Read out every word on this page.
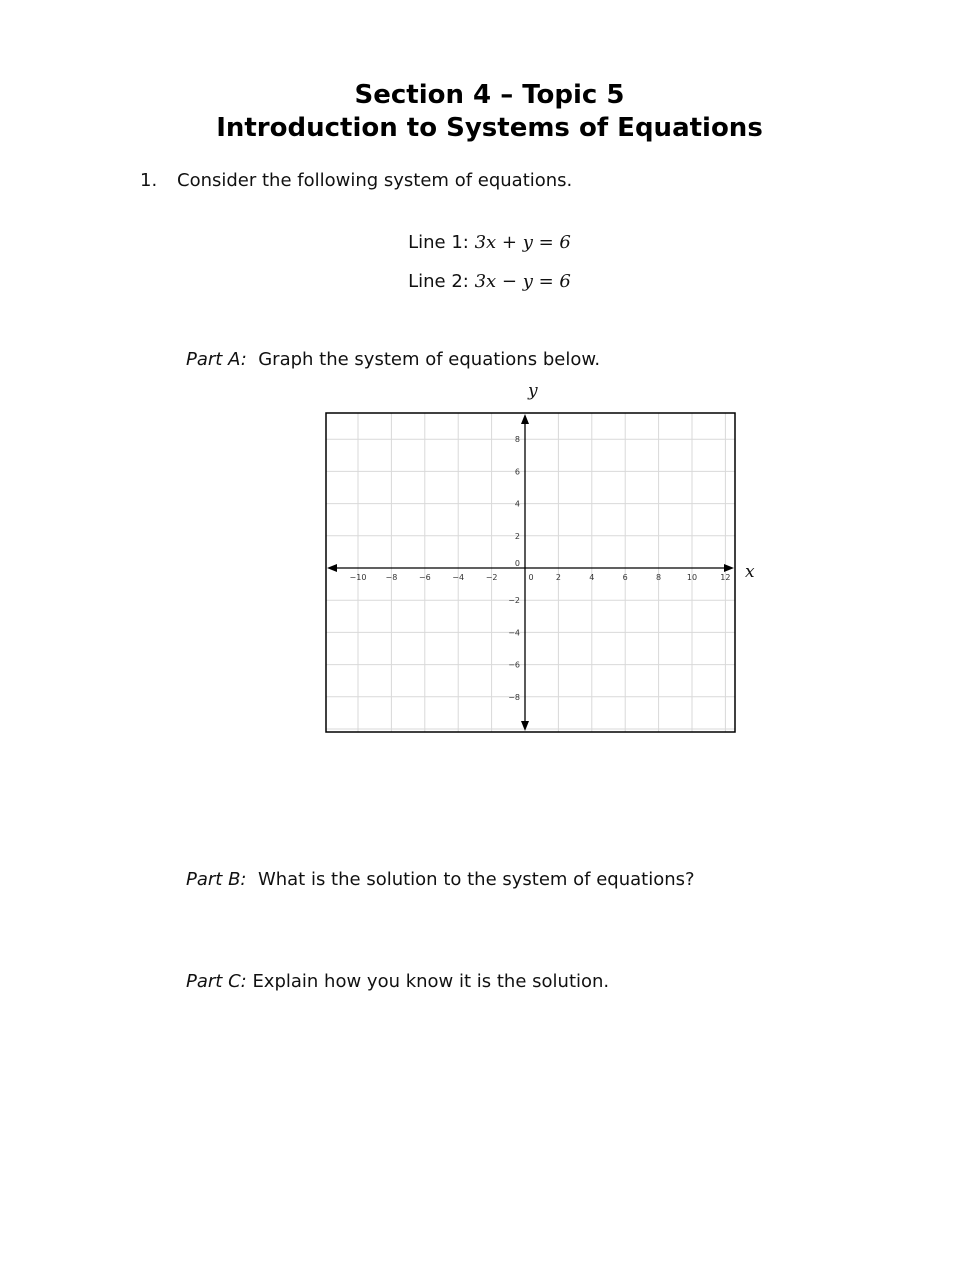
Section 4 – Topic 5
Introduction to Systems of Equations
1. Consider the following system of equations.
Line 1: 3x + y = 6
Line 2: 3x − y = 6
Part A: Graph the system of equations below.
y
x
−10 −8	−6	−4	−2	0	2	4	6	8	10	12
8
6
4
2
0
−2
−4
−6
−8
Part B: What is the solution to the system of equations?
Part C: Explain how you know it is the solution.
